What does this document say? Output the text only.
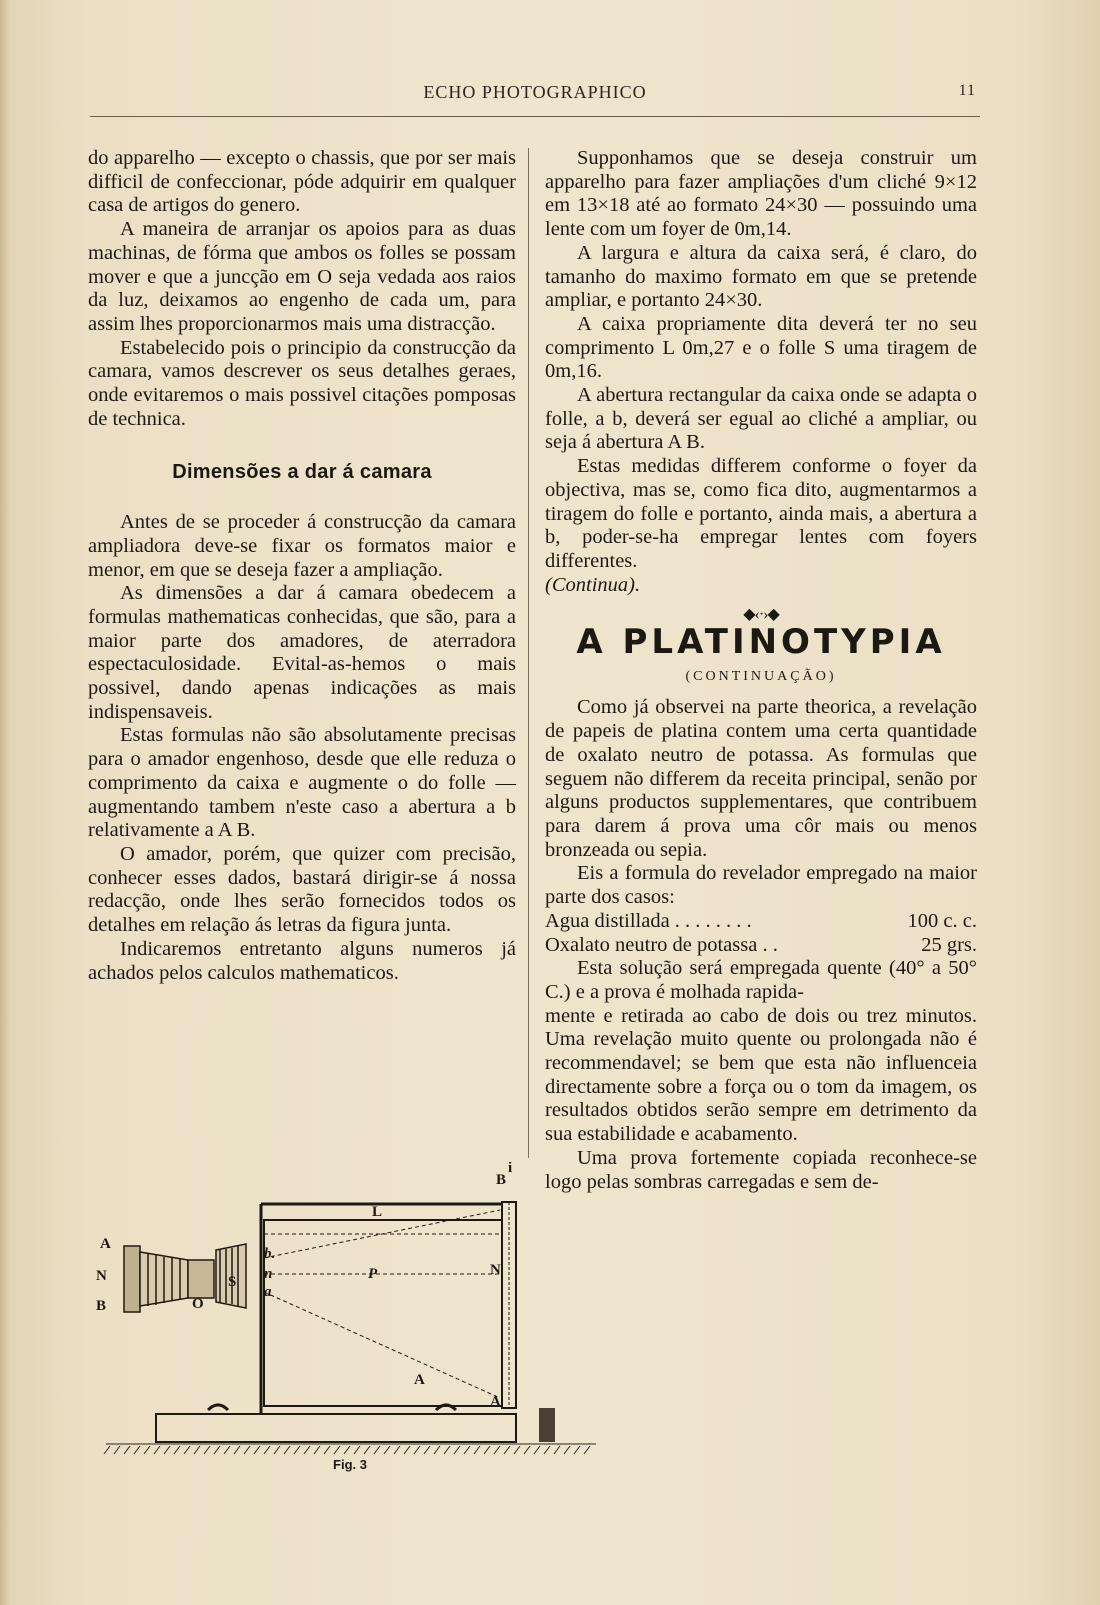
ECHO PHOTOGRAPHICO	11

do apparelho — excepto o chassis, que por ser mais difficil de confeccionar, póde adquirir em qualquer casa de artigos do genero.

A maneira de arranjar os apoios para as duas machinas, de fórma que ambos os folles se possam mover e que a juncção em O seja vedada aos raios da luz, deixamos ao engenho de cada um, para assim lhes proporcionarmos mais uma distracção.

Estabelecido pois o principio da construcção da camara, vamos descrever os seus detalhes geraes, onde evitaremos o mais possivel citações pomposas de technica.

Dimensões a dar á camara

Antes de se proceder á construcção da camara ampliadora deve-se fixar os formatos maior e menor, em que se deseja fazer a ampliação.

As dimensões a dar á camara obedecem a formulas mathematicas conhecidas, que são, para a maior parte dos amadores, de aterradora espectaculosidade. Evital-as-hemos o mais possivel, dando apenas indicações as mais indispensaveis.

Estas formulas não são absolutamente precisas para o amador engenhoso, desde que elle reduza o comprimento da caixa e augmente o do folle — augmentando tambem n'este caso a abertura a b relativamente a A B.

O amador, porém, que quizer com precisão, conhecer esses dados, bastará dirigir-se á nossa redacção, onde lhes serão fornecidos todos os detalhes em relação ás letras da figura junta.

Indicaremos entretanto alguns numeros já achados pelos calculos mathematicos.

Supponhamos que se deseja construir um apparelho para fazer ampliações d'um cliché 9×12 em 13×18 até ao formato 24×30 — possuindo uma lente com um foyer de 0m,14.

A largura e altura da caixa será, é claro, do tamanho do maximo formato em que se pretende ampliar, e portanto 24×30.

A caixa propriamente dita deverá ter no seu comprimento L 0m,27 e o folle S uma tiragem de 0m,16.

A abertura rectangular da caixa onde se adapta o folle, a b, deverá ser egual ao cliché a ampliar, ou seja á abertura A B.

Estas medidas differem conforme o foyer da objectiva, mas se, como fica dito, augmentarmos a tiragem do folle e portanto, ainda mais, a abertura a b, poder-se-ha empregar lentes com foyers differentes.

(Continua).

◆‹·›◆
A PLATINOTYPIA
(CONTINUAÇÃO)

Como já observei na parte theorica, a revelação de papeis de platina contem uma certa quantidade de oxalato neutro de potassa. As formulas que seguem não differem da receita principal, senão por alguns productos supplementares, que contribuem para darem á prova uma côr mais ou menos bronzeada ou sepia.

Eis a formula do revelador empregado na maior parte dos casos:

Agua distillada . . . . . . . .	100 c. c.
Oxalato neutro de potassa . .	25 grs.

Esta solução será empregada quente (40° a 50° C.) e a prova é molhada rapida-

mente e retirada ao cabo de dois ou trez minutos. Uma revelação muito quente ou prolongada não é recommendavel; se bem que esta não influenceia directamente sobre a força ou o tom da imagem, os resultados obtidos serão sempre em detrimento da sua estabilidade e acabamento.

Uma prova fortemente copiada reconhece-se logo pelas sombras carregadas e sem de-

A
N
B
S
O
b.
n
a
L
P	N
B
A
A
i
Fig. 3
